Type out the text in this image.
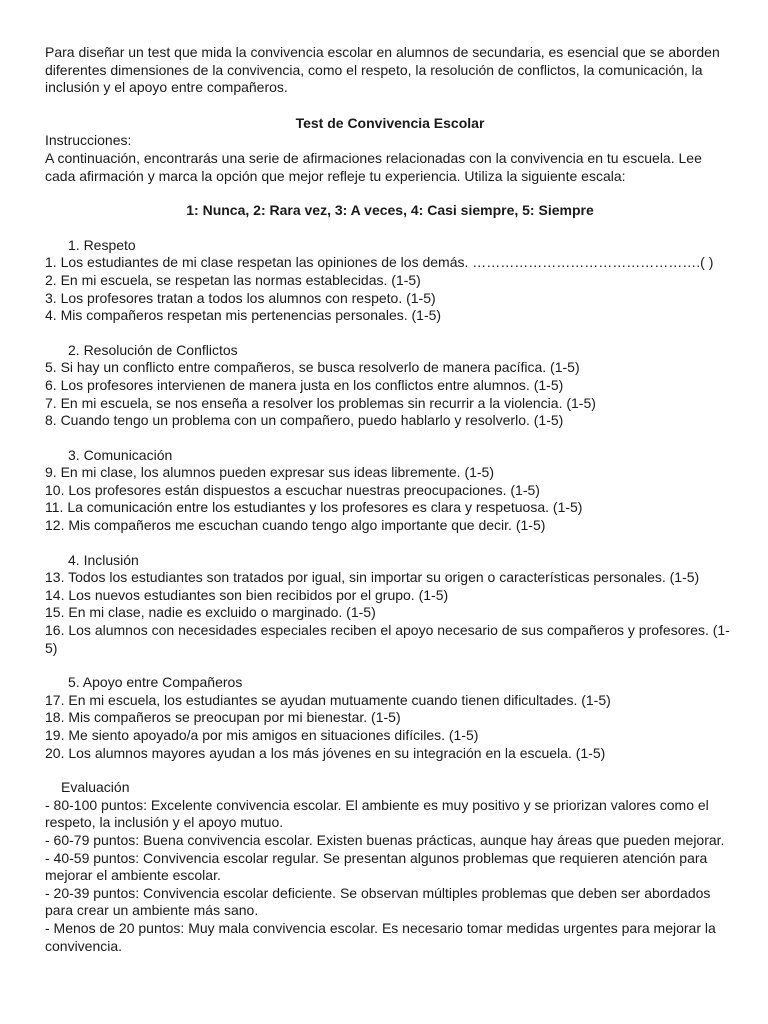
Para diseñar un test que mida la convivencia escolar en alumnos de secundaria, es esencial que se aborden diferentes dimensiones de la convivencia, como el respeto, la resolución de conflictos, la comunicación, la inclusión y el apoyo entre compañeros.

Test de Convivencia Escolar

Instrucciones:

A continuación, encontrarás una serie de afirmaciones relacionadas con la convivencia en tu escuela. Lee cada afirmación y marca la opción que mejor refleje tu experiencia. Utiliza la siguiente escala:

1: Nunca, 2: Rara vez, 3: A veces, 4: Casi siempre, 5: Siempre

1. Respeto
1. Los estudiantes de mi clase respetan las opiniones de los demás. ………………………………………….( )
2. En mi escuela, se respetan las normas establecidas. (1-5)
3. Los profesores tratan a todos los alumnos con respeto. (1-5)
4. Mis compañeros respetan mis pertenencias personales. (1-5)
2. Resolución de Conflictos
5. Si hay un conflicto entre compañeros, se busca resolverlo de manera pacífica. (1-5)
6. Los profesores intervienen de manera justa en los conflictos entre alumnos. (1-5)
7. En mi escuela, se nos enseña a resolver los problemas sin recurrir a la violencia. (1-5)
8. Cuando tengo un problema con un compañero, puedo hablarlo y resolverlo. (1-5)
3. Comunicación
9. En mi clase, los alumnos pueden expresar sus ideas libremente. (1-5)
10. Los profesores están dispuestos a escuchar nuestras preocupaciones. (1-5)
11. La comunicación entre los estudiantes y los profesores es clara y respetuosa. (1-5)
12. Mis compañeros me escuchan cuando tengo algo importante que decir. (1-5)
4. Inclusión
13. Todos los estudiantes son tratados por igual, sin importar su origen o características personales. (1-5)
14. Los nuevos estudiantes son bien recibidos por el grupo. (1-5)
15. En mi clase, nadie es excluido o marginado. (1-5)
16. Los alumnos con necesidades especiales reciben el apoyo necesario de sus compañeros y profesores. (1-5)
5. Apoyo entre Compañeros
17. En mi escuela, los estudiantes se ayudan mutuamente cuando tienen dificultades. (1-5)
18. Mis compañeros se preocupan por mi bienestar. (1-5)
19. Me siento apoyado/a por mis amigos en situaciones difíciles. (1-5)
20. Los alumnos mayores ayudan a los más jóvenes en su integración en la escuela. (1-5)
Evaluación
- 80-100 puntos: Excelente convivencia escolar. El ambiente es muy positivo y se priorizan valores como el respeto, la inclusión y el apoyo mutuo.
- 60-79 puntos: Buena convivencia escolar. Existen buenas prácticas, aunque hay áreas que pueden mejorar.
- 40-59 puntos: Convivencia escolar regular. Se presentan algunos problemas que requieren atención para mejorar el ambiente escolar.
- 20-39 puntos: Convivencia escolar deficiente. Se observan múltiples problemas que deben ser abordados para crear un ambiente más sano.
- Menos de 20 puntos: Muy mala convivencia escolar. Es necesario tomar medidas urgentes para mejorar la convivencia.
